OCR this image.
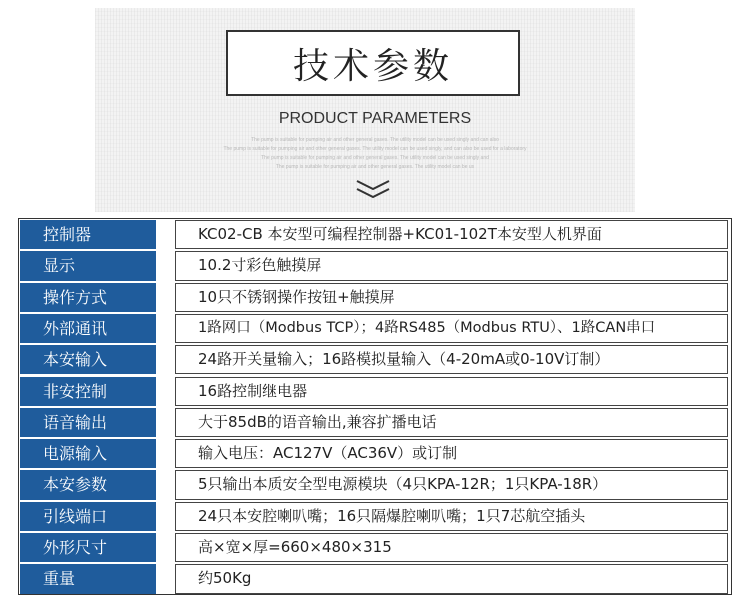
技术参数
PRODUCT PARAMETERS
The pump is suitable for pumping air and other general gases. The utility model can be used singly and can also
The pump is suitable for pumping air and other general gases. The utility model can be used singly, and can also be used for a laboratory
The pump is suitable for pumping air and other general gases. The utility model can be used singly and
The pump is suitable for pumping air and other general gases. The utility model can be us
控制器	KC02-CB 本安型可编程控制器+KC01-102T本安型人机界面
显示	10.2寸彩色触摸屏
操作方式	10只不锈钢操作按钮+触摸屏
外部通讯	1路网口（Modbus TCP）；4路RS485（Modbus RTU）、1路CAN串口
本安输入	24路开关量输入；16路模拟量输入（4-20mA或0-10V订制）
非安控制	16路控制继电器
语音输出	大于85dB的语音输出,兼容扩播电话
电源输入	输入电压：AC127V（AC36V）或订制
本安参数	5只输出本质安全型电源模块（4只KPA-12R；1只KPA-18R）
引线端口	24只本安腔喇叭嘴；16只隔爆腔喇叭嘴；1只7芯航空插头
外形尺寸	高×宽×厚=660×480×315
重量	约50Kg
